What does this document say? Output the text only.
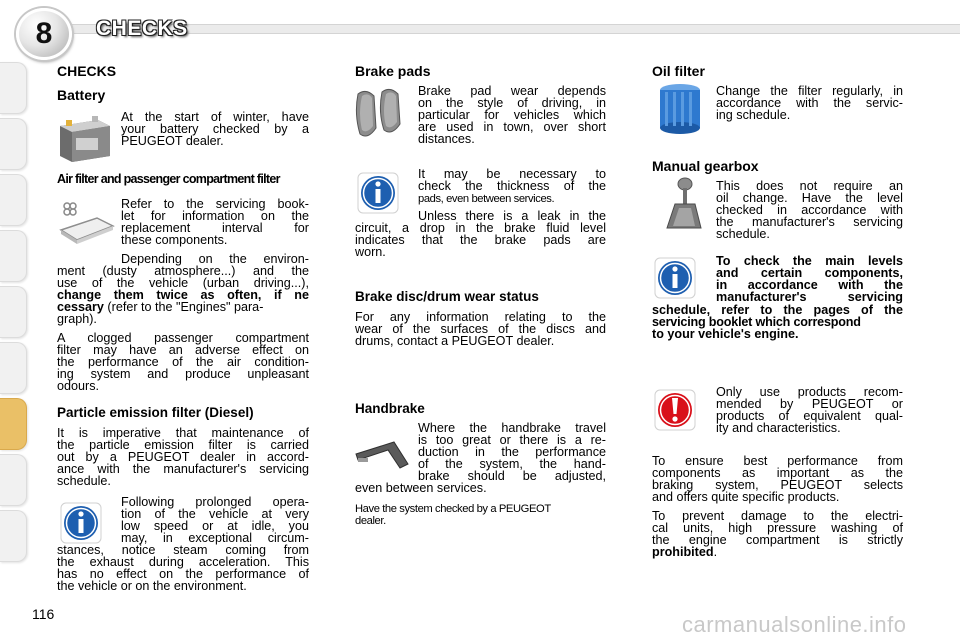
8	CHECKS
CHECKS
Battery
At the start of winter, have
your battery checked by a
PEUGEOT dealer.
Air filter and passenger compartment filter
Refer to the servicing book-
let for information on the
replacement interval for
these components.
Depending on the environ-
ment (dusty atmosphere...) and the
use of the vehicle (urban driving...),
change them twice as often, if ne
cessary (refer to the "Engines" para-
graph).
A clogged passenger compartment
filter may have an adverse effect on
the performance of the air condition-
ing system and produce unpleasant
odours.
Particle emission filter (Diesel)
It is imperative that maintenance of
the particle emission filter is carried
out by a PEUGEOT dealer in accord-
ance with the manufacturer's servicing
schedule.
Following prolonged opera-
tion of the vehicle at very
low speed or at idle, you
may, in exceptional circum-
stances, notice steam coming from
the exhaust during acceleration. This
has no effect on the performance of
the vehicle or on the environment.
Brake pads
Brake pad wear depends
on the style of driving, in
particular for vehicles which
are used in town, over short
distances.
It may be necessary to
check the thickness of the
pads, even between services.
Unless there is a leak in the
circuit, a drop in the brake fluid level
indicates that the brake pads are
worn.
Brake disc/drum wear status
For any information relating to the
wear of the surfaces of the discs and
drums, contact a PEUGEOT dealer.
Handbrake
Where the handbrake travel
is too great or there is a re-
duction in the performance
of the system, the hand-
brake should be adjusted,
even between services.
Have the system checked by a PEUGEOT
dealer.
Oil filter
Change the filter regularly, in
accordance with the servic-
ing schedule.
Manual gearbox
This does not require an
oil change. Have the level
checked in accordance with
the manufacturer's servicing
schedule.
To check the main levels
and certain components,
in accordance with the
manufacturer's servicing
schedule, refer to the pages of the
servicing booklet which correspond
to your vehicle's engine.
Only use products recom-
mended by PEUGEOT or
products of equivalent qual-
ity and characteristics.
To ensure best performance from
components as important as the
braking system, PEUGEOT selects
and offers quite specific products.
To prevent damage to the electri-
cal units, high pressure washing of
the engine compartment is strictly
prohibited.
116	carmanualsonline.info
